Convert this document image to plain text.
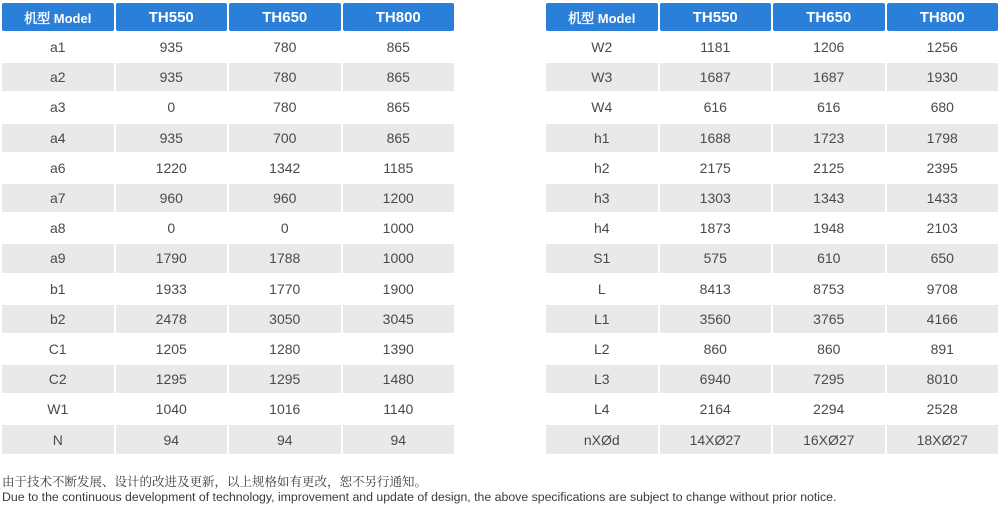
机型 Model	TH550	TH650	TH800
a1	935	780	865
a2	935	780	865
a3	0	780	865
a4	935	700	865
a6	1220	1342	1185
a7	960	960	1200
a8	0	0	1000
a9	1790	1788	1000
b1	1933	1770	1900
b2	2478	3050	3045
C1	1205	1280	1390
C2	1295	1295	1480
W1	1040	1016	1140
N	94	94	94
机型 Model	TH550	TH650	TH800
W2	1181	1206	1256
W3	1687	1687	1930
W4	616	616	680
h1	1688	1723	1798
h2	2175	2125	2395
h3	1303	1343	1433
h4	1873	1948	2103
S1	575	610	650
L	8413	8753	9708
L1	3560	3765	4166
L2	860	860	891
L3	6940	7295	8010
L4	2164	2294	2528
nXØd	14XØ27	16XØ27	18XØ27
由于技术不断发展、设计的改进及更新，以上规格如有更改，恕不另行通知。
Due to the continuous development of technology, improvement and update of design, the above specifications are subject to change without prior notice.
